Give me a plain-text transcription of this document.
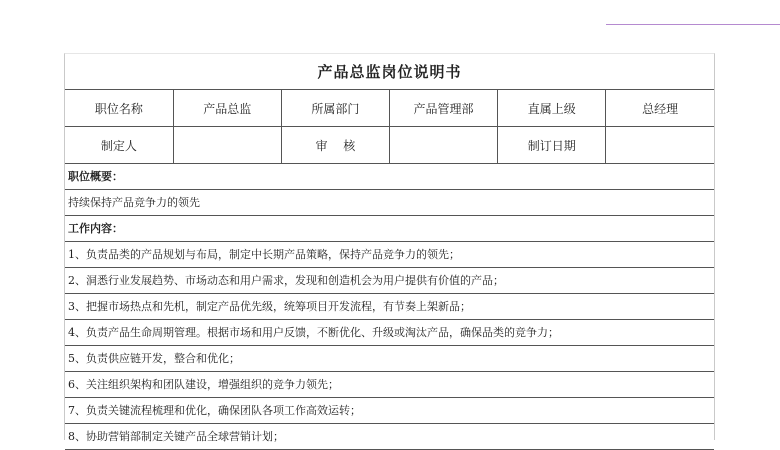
产品总监岗位说明书
职位名称	产品总监	所属部门	产品管理部	直属上级	总经理
制定人		审　 核		制订日期	
职位概要：
持续保持产品竞争力的领先
工作内容：
1、负责品类的产品规划与布局，制定中长期产品策略，保持产品竞争力的领先；
2、洞悉行业发展趋势、市场动态和用户需求，发现和创造机会为用户提供有价值的产品；
3、把握市场热点和先机，制定产品优先级，统筹项目开发流程，有节奏上架新品；
4、负责产品生命周期管理。根据市场和用户反馈，不断优化、升级或淘汰产品，确保品类的竞争力；
5、负责供应链开发，整合和优化；
6、关注组织架构和团队建设，增强组织的竞争力领先；
7、负责关键流程梳理和优化，确保团队各项工作高效运转；
8、协助营销部制定关键产品全球营销计划；
